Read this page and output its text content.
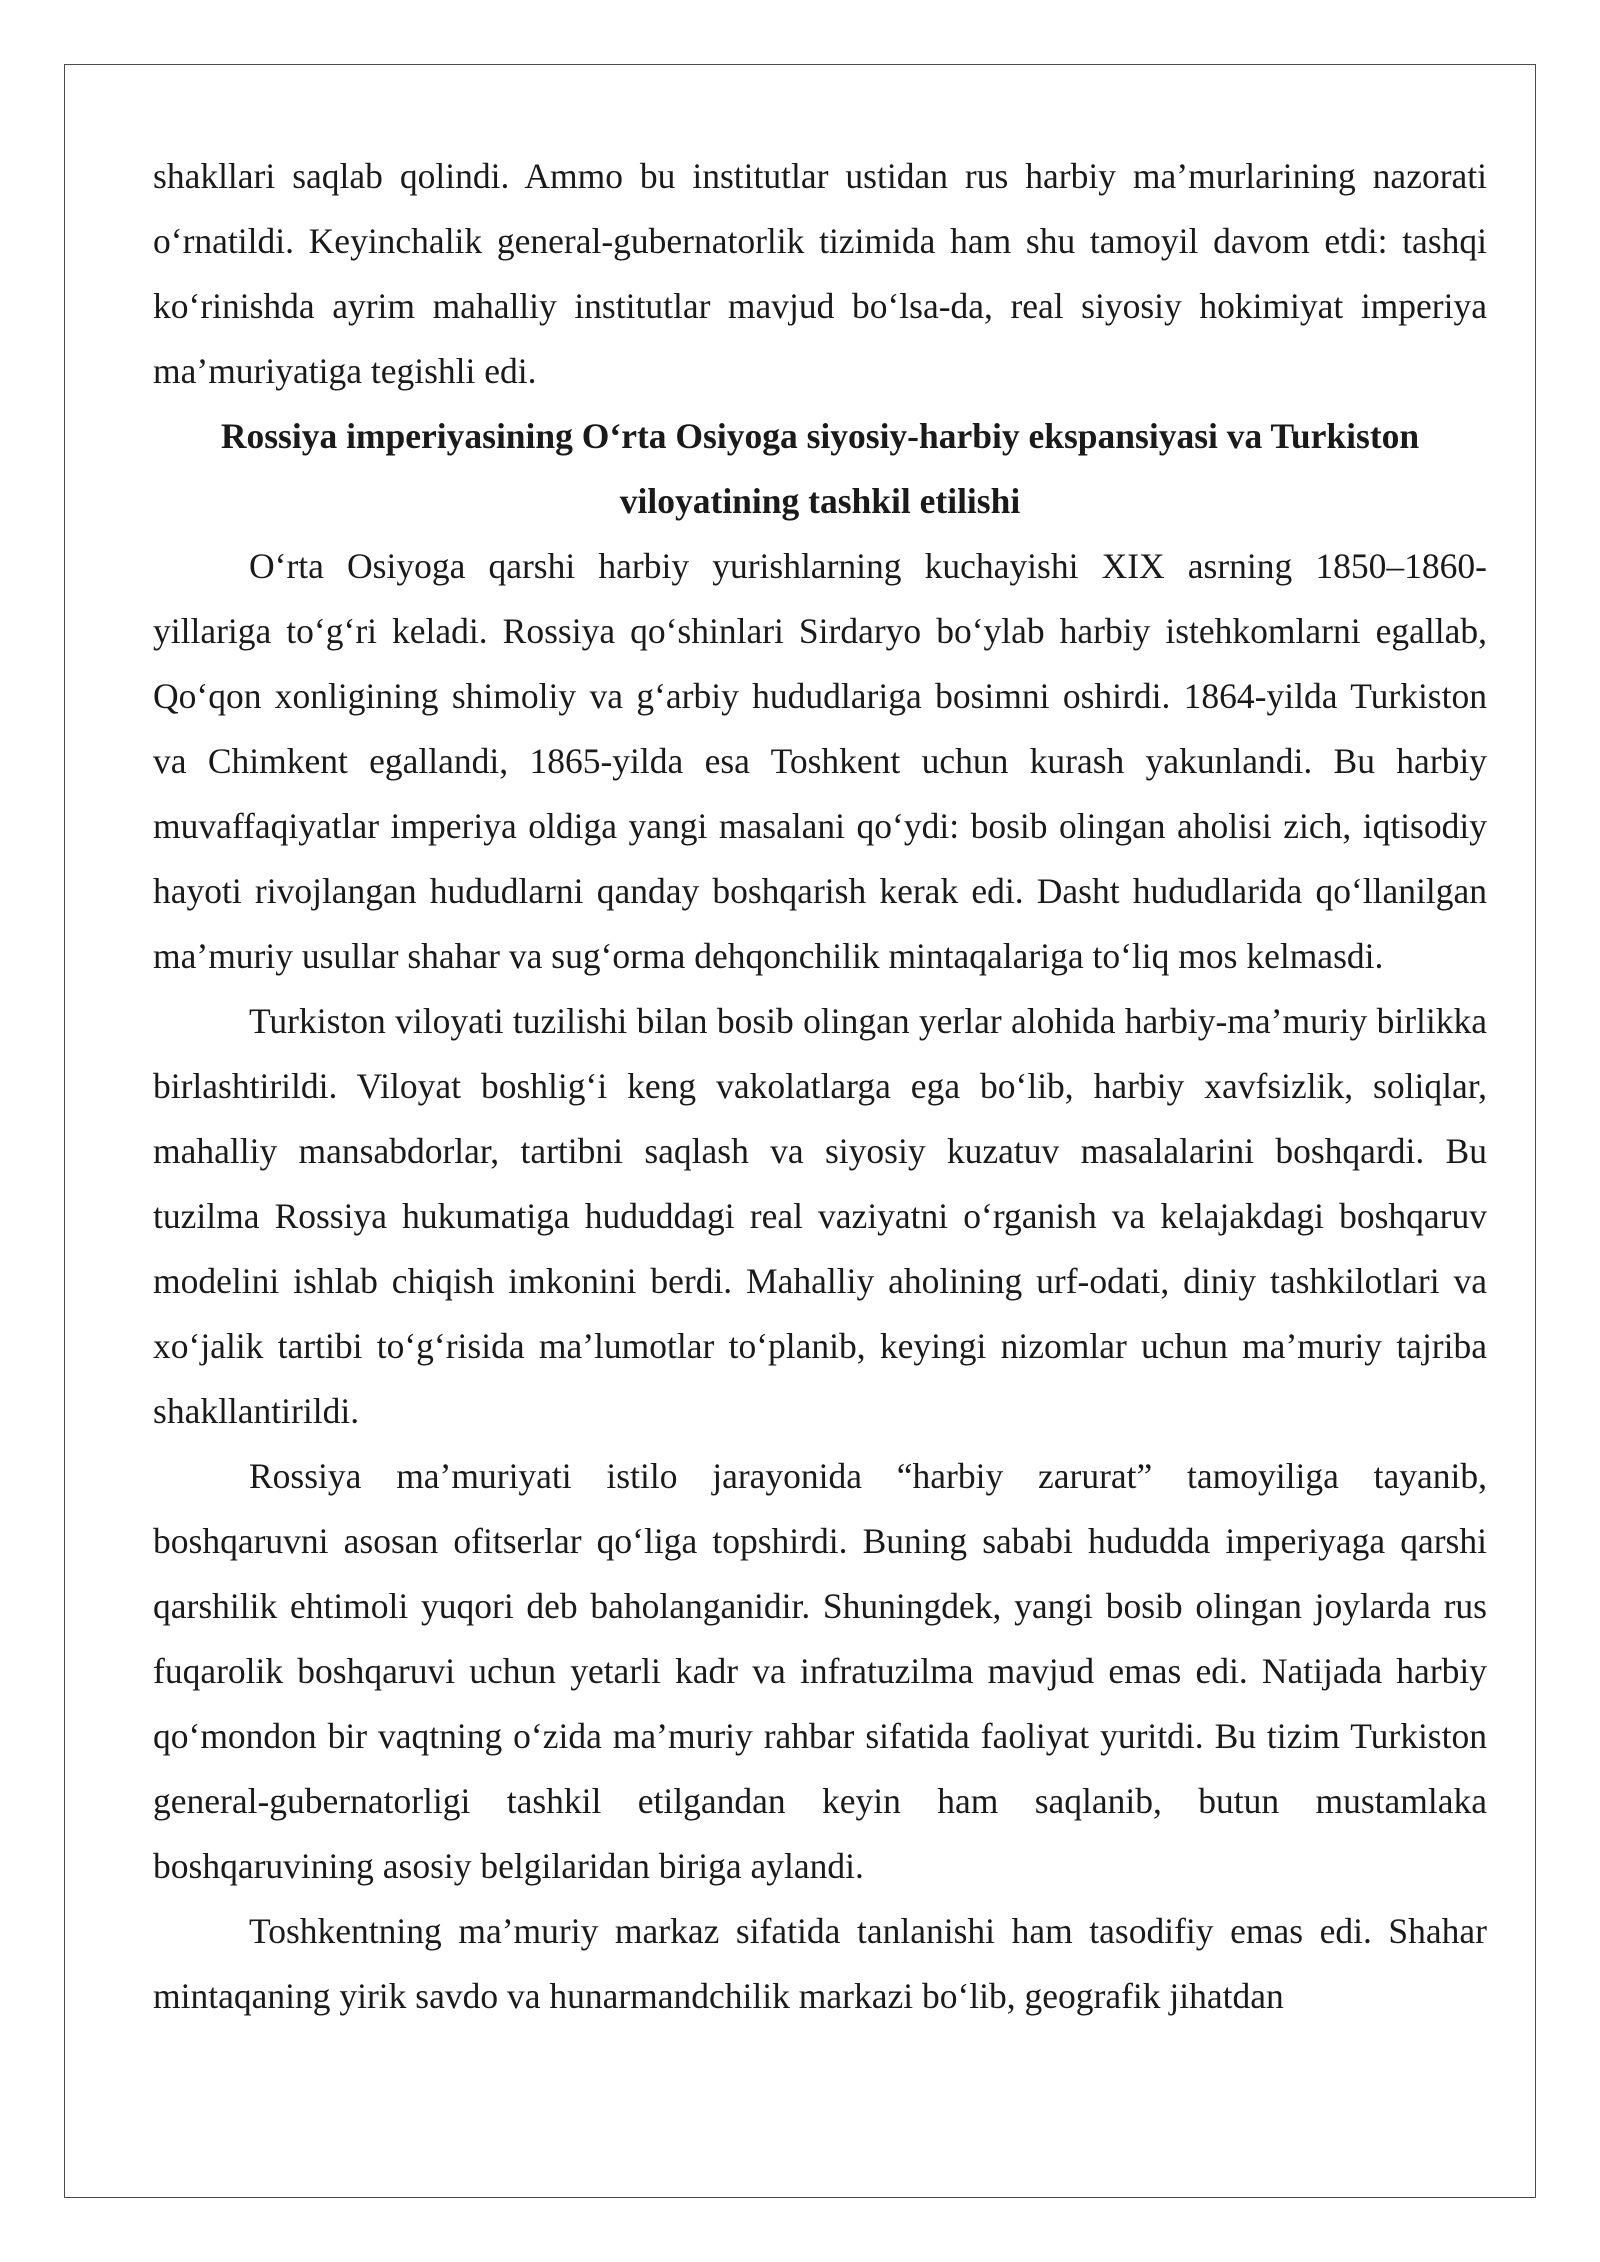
shakllari saqlab qolindi. Ammo bu institutlar ustidan rus harbiy ma’murlarining nazorati o‘rnatildi. Keyinchalik general-gubernatorlik tizimida ham shu tamoyil davom etdi: tashqi ko‘rinishda ayrim mahalliy institutlar mavjud bo‘lsa-da, real siyosiy hokimiyat imperiya ma’muriyatiga tegishli edi.

Rossiya imperiyasining O‘rta Osiyoga siyosiy-harbiy ekspansiyasi va Turkiston viloyatining tashkil etilishi

O‘rta Osiyoga qarshi harbiy yurishlarning kuchayishi XIX asrning 1850–1860-yillariga to‘g‘ri keladi. Rossiya qo‘shinlari Sirdaryo bo‘ylab harbiy istehkomlarni egallab, Qo‘qon xonligining shimoliy va g‘arbiy hududlariga bosimni oshirdi. 1864-yilda Turkiston va Chimkent egallandi, 1865-yilda esa Toshkent uchun kurash yakunlandi. Bu harbiy muvaffaqiyatlar imperiya oldiga yangi masalani qo‘ydi: bosib olingan aholisi zich, iqtisodiy hayoti rivojlangan hududlarni qanday boshqarish kerak edi. Dasht hududlarida qo‘llanilgan ma’muriy usullar shahar va sug‘orma dehqonchilik mintaqalariga to‘liq mos kelmasdi.

Turkiston viloyati tuzilishi bilan bosib olingan yerlar alohida harbiy-ma’muriy birlikka birlashtirildi. Viloyat boshlig‘i keng vakolatlarga ega bo‘lib, harbiy xavfsizlik, soliqlar, mahalliy mansabdorlar, tartibni saqlash va siyosiy kuzatuv masalalarini boshqardi. Bu tuzilma Rossiya hukumatiga hududdagi real vaziyatni o‘rganish va kelajakdagi boshqaruv modelini ishlab chiqish imkonini berdi. Mahalliy aholining urf-odati, diniy tashkilotlari va xo‘jalik tartibi to‘g‘risida ma’lumotlar to‘planib, keyingi nizomlar uchun ma’muriy tajriba shakllantirildi.

Rossiya ma’muriyati istilo jarayonida “harbiy zarurat” tamoyiliga tayanib, boshqaruvni asosan ofitserlar qo‘liga topshirdi. Buning sababi hududda imperiyaga qarshi qarshilik ehtimoli yuqori deb baholanganidir. Shuningdek, yangi bosib olingan joylarda rus fuqarolik boshqaruvi uchun yetarli kadr va infratuzilma mavjud emas edi. Natijada harbiy qo‘mondon bir vaqtning o‘zida ma’muriy rahbar sifatida faoliyat yuritdi. Bu tizim Turkiston general-gubernatorligi tashkil etilgandan keyin ham saqlanib, butun mustamlaka boshqaruvining asosiy belgilaridan biriga aylandi.

Toshkentning ma’muriy markaz sifatida tanlanishi ham tasodifiy emas edi. Shahar mintaqaning yirik savdo va hunarmandchilik markazi bo‘lib, geografik jihatdan
